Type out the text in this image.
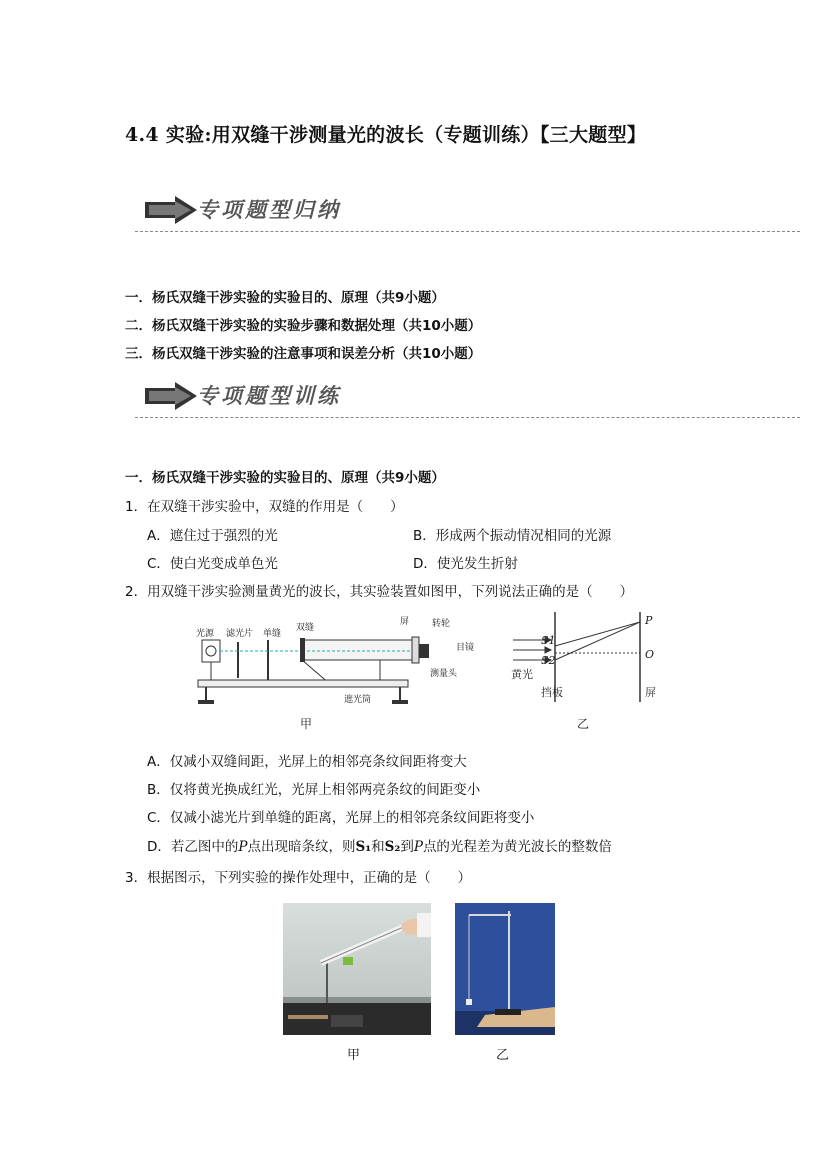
4.4 实验:用双缝干涉测量光的波长（专题训练）【三大题型】
专项题型归纳
一．杨氏双缝干涉实验的实验目的、原理（共9小题）
二．杨氏双缝干涉实验的实验步骤和数据处理（共10小题）
三．杨氏双缝干涉实验的注意事项和误差分析（共10小题）
专项题型训练
一．杨氏双缝干涉实验的实验目的、原理（共9小题）
1．在双缝干涉实验中，双缝的作用是（　　）
A．遮住过于强烈的光	B．形成两个振动情况相同的光源
C．使白光变成单色光	D．使光发生折射
2．用双缝干涉实验测量黄光的波长，其实验装置如图甲，下列说法正确的是（　　）
光源 滤光片 单缝
双缝
屏	转轮
遮光筒
甲
目镜
测量头
S1
S2
P
O
黄光
挡板	屏
乙
A．仅减小双缝间距，光屏上的相邻亮条纹间距将变大
B．仅将黄光换成红光，光屏上相邻两亮条纹的间距变小
C．仅减小滤光片到单缝的距离，光屏上的相邻亮条纹间距将变小
D．若乙图中的P点出现暗条纹，则S₁和S₂到P点的光程差为黄光波长的整数倍
3．根据图示，下列实验的操作处理中，正确的是（　　）
甲	乙
